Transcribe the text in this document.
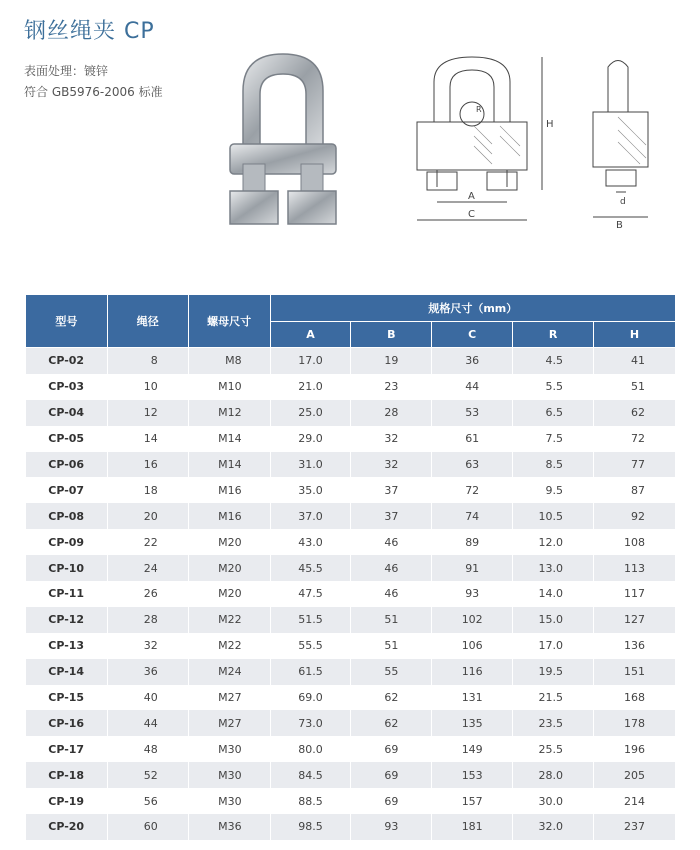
钢丝绳夹 CP
表面处理：镀锌
符合 GB5976-2006 标准
H
A
C
R
d
B
型号	绳径	螺母尺寸	规格尺寸（mm）				
			A	B	C	R	H
CP-02	8	M8	17.0	19	36	4.5	41
CP-03	10	M10	21.0	23	44	5.5	51
CP-04	12	M12	25.0	28	53	6.5	62
CP-05	14	M14	29.0	32	61	7.5	72
CP-06	16	M14	31.0	32	63	8.5	77
CP-07	18	M16	35.0	37	72	9.5	87
CP-08	20	M16	37.0	37	74	10.5	92
CP-09	22	M20	43.0	46	89	12.0	108
CP-10	24	M20	45.5	46	91	13.0	113
CP-11	26	M20	47.5	46	93	14.0	117
CP-12	28	M22	51.5	51	102	15.0	127
CP-13	32	M22	55.5	51	106	17.0	136
CP-14	36	M24	61.5	55	116	19.5	151
CP-15	40	M27	69.0	62	131	21.5	168
CP-16	44	M27	73.0	62	135	23.5	178
CP-17	48	M30	80.0	69	149	25.5	196
CP-18	52	M30	84.5	69	153	28.0	205
CP-19	56	M30	88.5	69	157	30.0	214
CP-20	60	M36	98.5	93	181	32.0	237
